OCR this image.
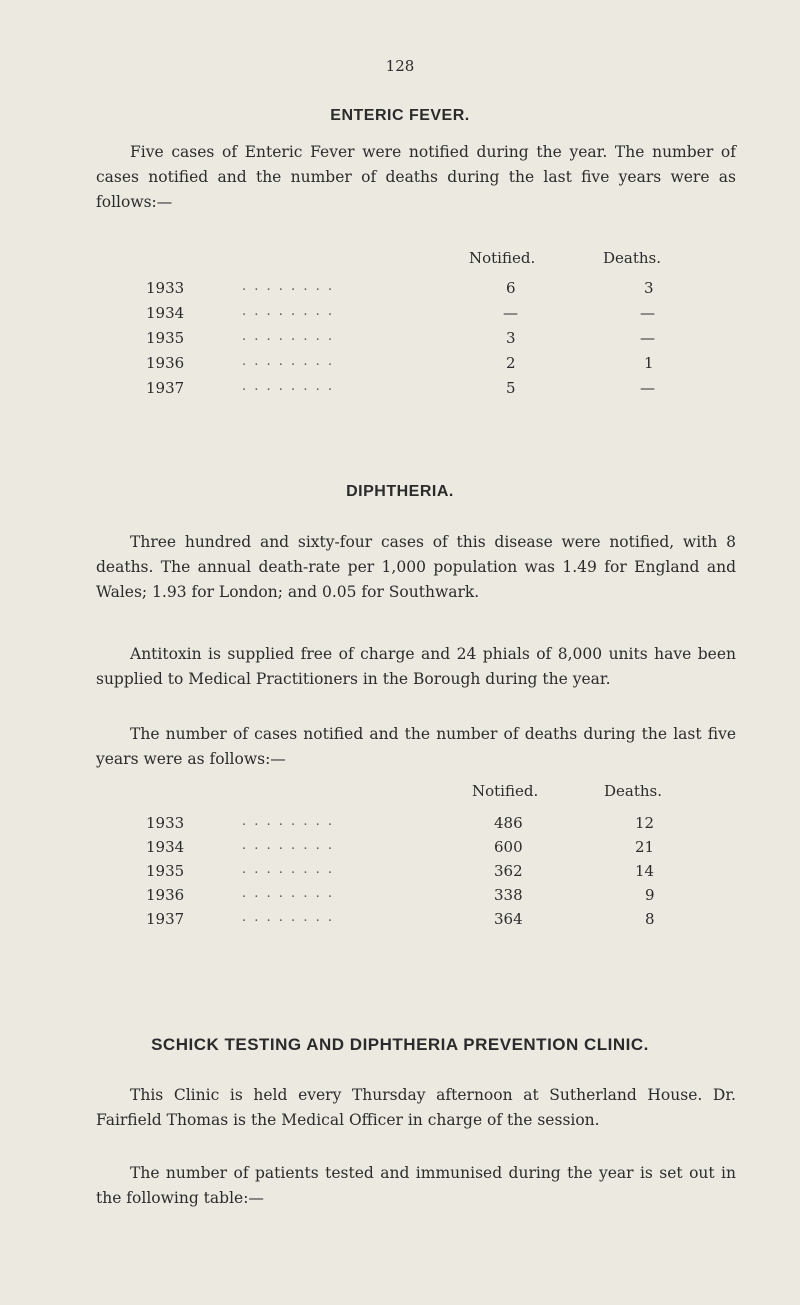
128
ENTERIC FEVER.

Five cases of Enteric Fever were notified during the year. The number of cases notified and the number of deaths during the last five years were as follows:—

Notified.	Deaths.
1933	. . . . . . . .	6	3
1934	. . . . . . . .	—	—
1935	. . . . . . . .	3	—
1936	. . . . . . . .	2	1
1937	. . . . . . . .	5	—
DIPHTHERIA.

Three hundred and sixty-four cases of this disease were notified, with 8 deaths. The annual death-rate per 1,000 population was 1.49 for England and Wales; 1.93 for London; and 0.05 for Southwark.

Antitoxin is supplied free of charge and 24 phials of 8,000 units have been supplied to Medical Practitioners in the Borough during the year.

The number of cases notified and the number of deaths during the last five years were as follows:—

Notified.	Deaths.
1933	. . . . . . . .	486	12
1934	. . . . . . . .	600	21
1935	. . . . . . . .	362	14
1936	. . . . . . . .	338	9
1937	. . . . . . . .	364	8
SCHICK TESTING AND DIPHTHERIA PREVENTION CLINIC.

This Clinic is held every Thursday afternoon at Sutherland House. Dr. Fairfield Thomas is the Medical Officer in charge of the session.

The number of patients tested and immunised during the year is set out in the following table:—
